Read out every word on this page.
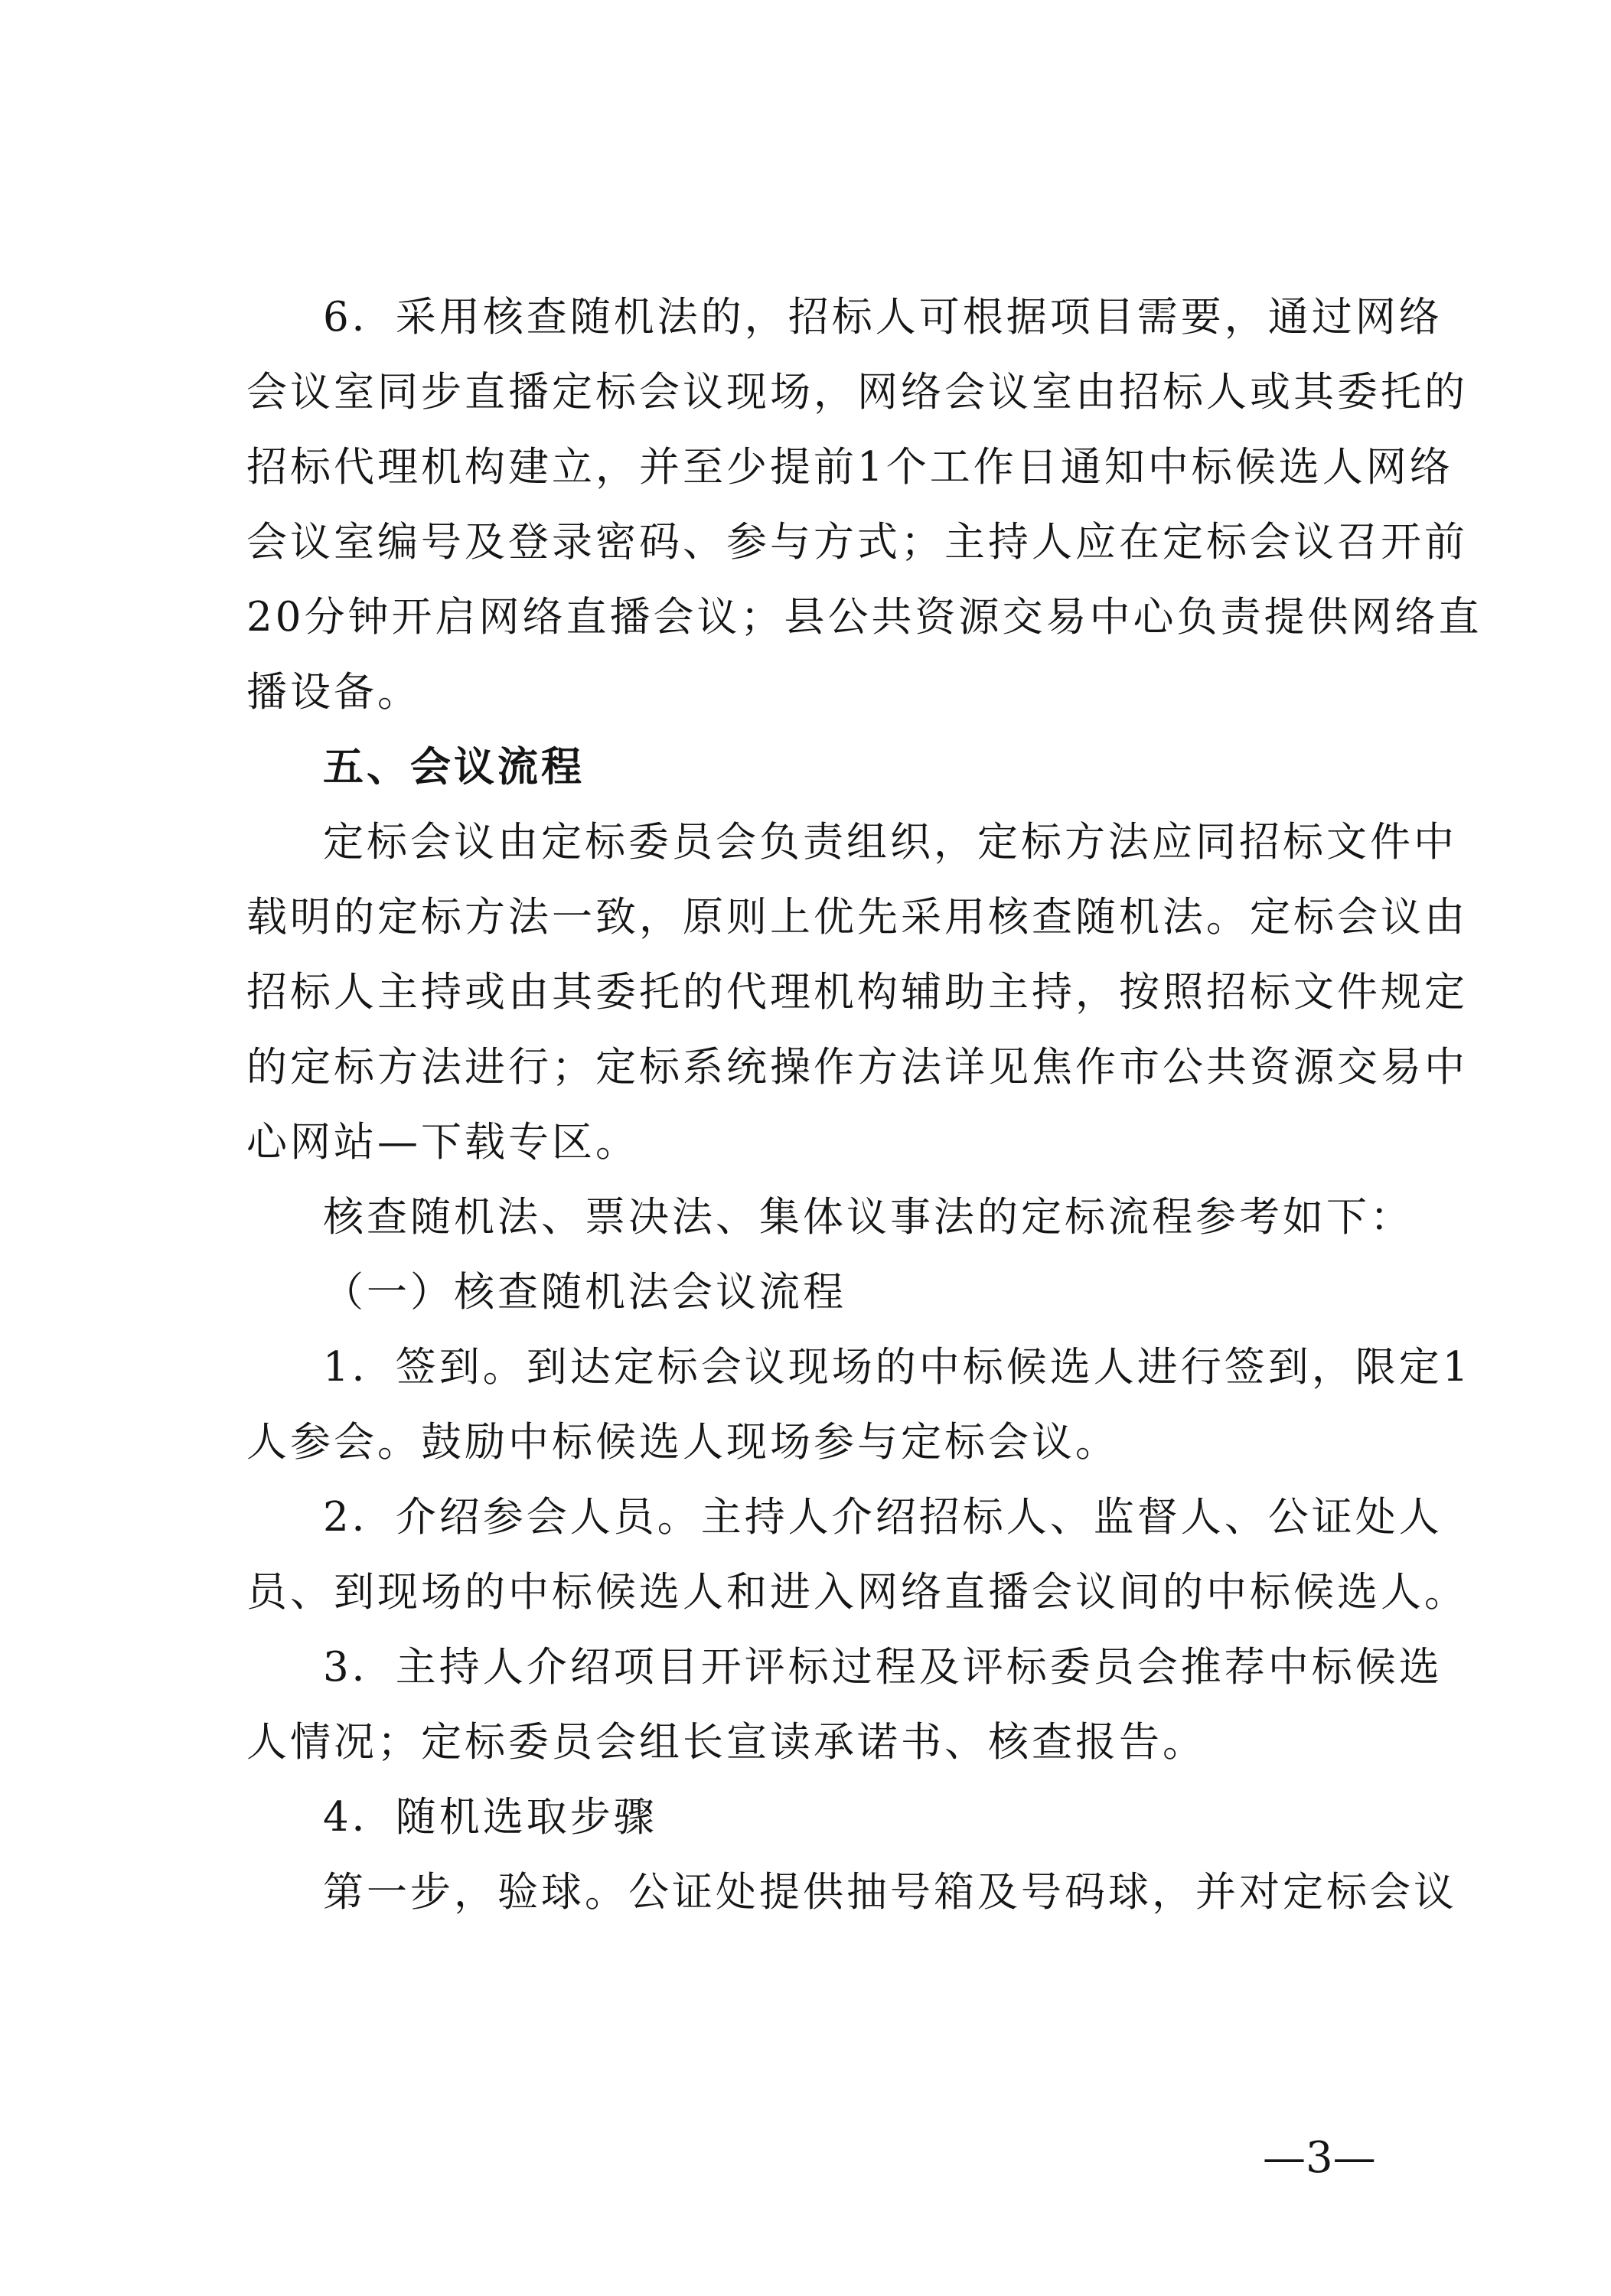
6．采用核查随机法的，招标人可根据项目需要，通过网络
会议室同步直播定标会议现场，网络会议室由招标人或其委托的
招标代理机构建立，并至少提前1个工作日通知中标候选人网络
会议室编号及登录密码、参与方式；主持人应在定标会议召开前
20分钟开启网络直播会议；县公共资源交易中心负责提供网络直
播设备。
五、会议流程
定标会议由定标委员会负责组织，定标方法应同招标文件中
载明的定标方法一致，原则上优先采用核查随机法。定标会议由
招标人主持或由其委托的代理机构辅助主持，按照招标文件规定
的定标方法进行；定标系统操作方法详见焦作市公共资源交易中
心网站—下载专区。
核查随机法、票决法、集体议事法的定标流程参考如下：
（一）核查随机法会议流程
1．签到。到达定标会议现场的中标候选人进行签到，限定1
人参会。鼓励中标候选人现场参与定标会议。
2．介绍参会人员。主持人介绍招标人、监督人、公证处人
员、到现场的中标候选人和进入网络直播会议间的中标候选人。
3．主持人介绍项目开评标过程及评标委员会推荐中标候选
人情况；定标委员会组长宣读承诺书、核查报告。
4．随机选取步骤
第一步，验球。公证处提供抽号箱及号码球，并对定标会议
—3—
